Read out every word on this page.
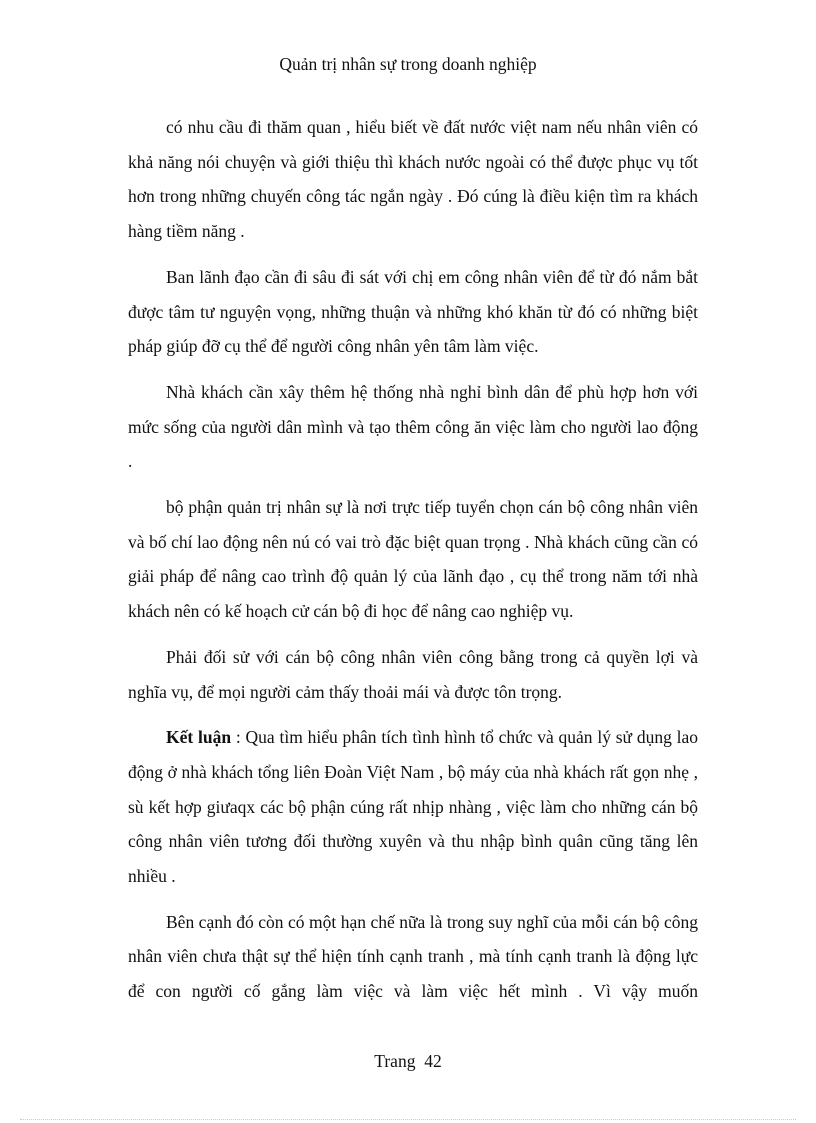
Quản trị nhân sự trong doanh nghiệp

có nhu cầu đi thăm quan , hiểu biết về đất nước việt nam nếu nhân viên có khả năng nói chuyện và giới thiệu thì khách nước ngoài có thể được phục vụ tốt hơn trong những chuyến công tác ngắn ngày . Đó cúng là điều kiện tìm ra khách hàng tiềm năng .

Ban lãnh đạo cần đi sâu đi sát với chị em công nhân viên để từ đó nắm bắt được tâm tư nguyện vọng, những thuận và những khó khăn từ đó có những biệt pháp giúp đỡ cụ thể để người công nhân yên tâm làm việc.

Nhà khách cần xây thêm hệ thống nhà nghỉ bình dân để phù hợp hơn với mức sống của người dân mình và tạo thêm công ăn việc làm cho người lao động .

bộ phận quản trị nhân sự là nơi trực tiếp tuyển chọn cán bộ công nhân viên và bố chí lao động nên nú có vai trò đặc biệt quan trọng . Nhà khách cũng cần có giải pháp để nâng cao trình độ quản lý của lãnh đạo , cụ thể trong năm tới nhà khách nên có kế hoạch cử cán bộ đi học để nâng cao nghiệp vụ.

Phải đối sử với cán bộ công nhân viên công bằng trong cả quyền lợi và nghĩa vụ, để mọi người cảm thấy thoải mái và được tôn trọng.

Kết luận : Qua tìm hiểu phân tích tình hình tổ chức và quản lý sử dụng lao động ở nhà khách tổng liên Đoàn Việt Nam , bộ máy của nhà khách rất gọn nhẹ , sù kết hợp giưaqx các bộ phận cúng rất nhịp nhàng , việc làm cho những cán bộ công nhân viên tương đối thường xuyên và thu nhập bình quân cũng tăng lên nhiều .

Bên cạnh đó còn có một hạn chế nữa là trong suy nghĩ của mỗi cán bộ công nhân viên chưa thật sự thể hiện tính cạnh tranh , mà tính cạnh tranh là động lực để con người cố gắng làm việc và làm việc hết mình . Vì vậy muốn

Trang  42
